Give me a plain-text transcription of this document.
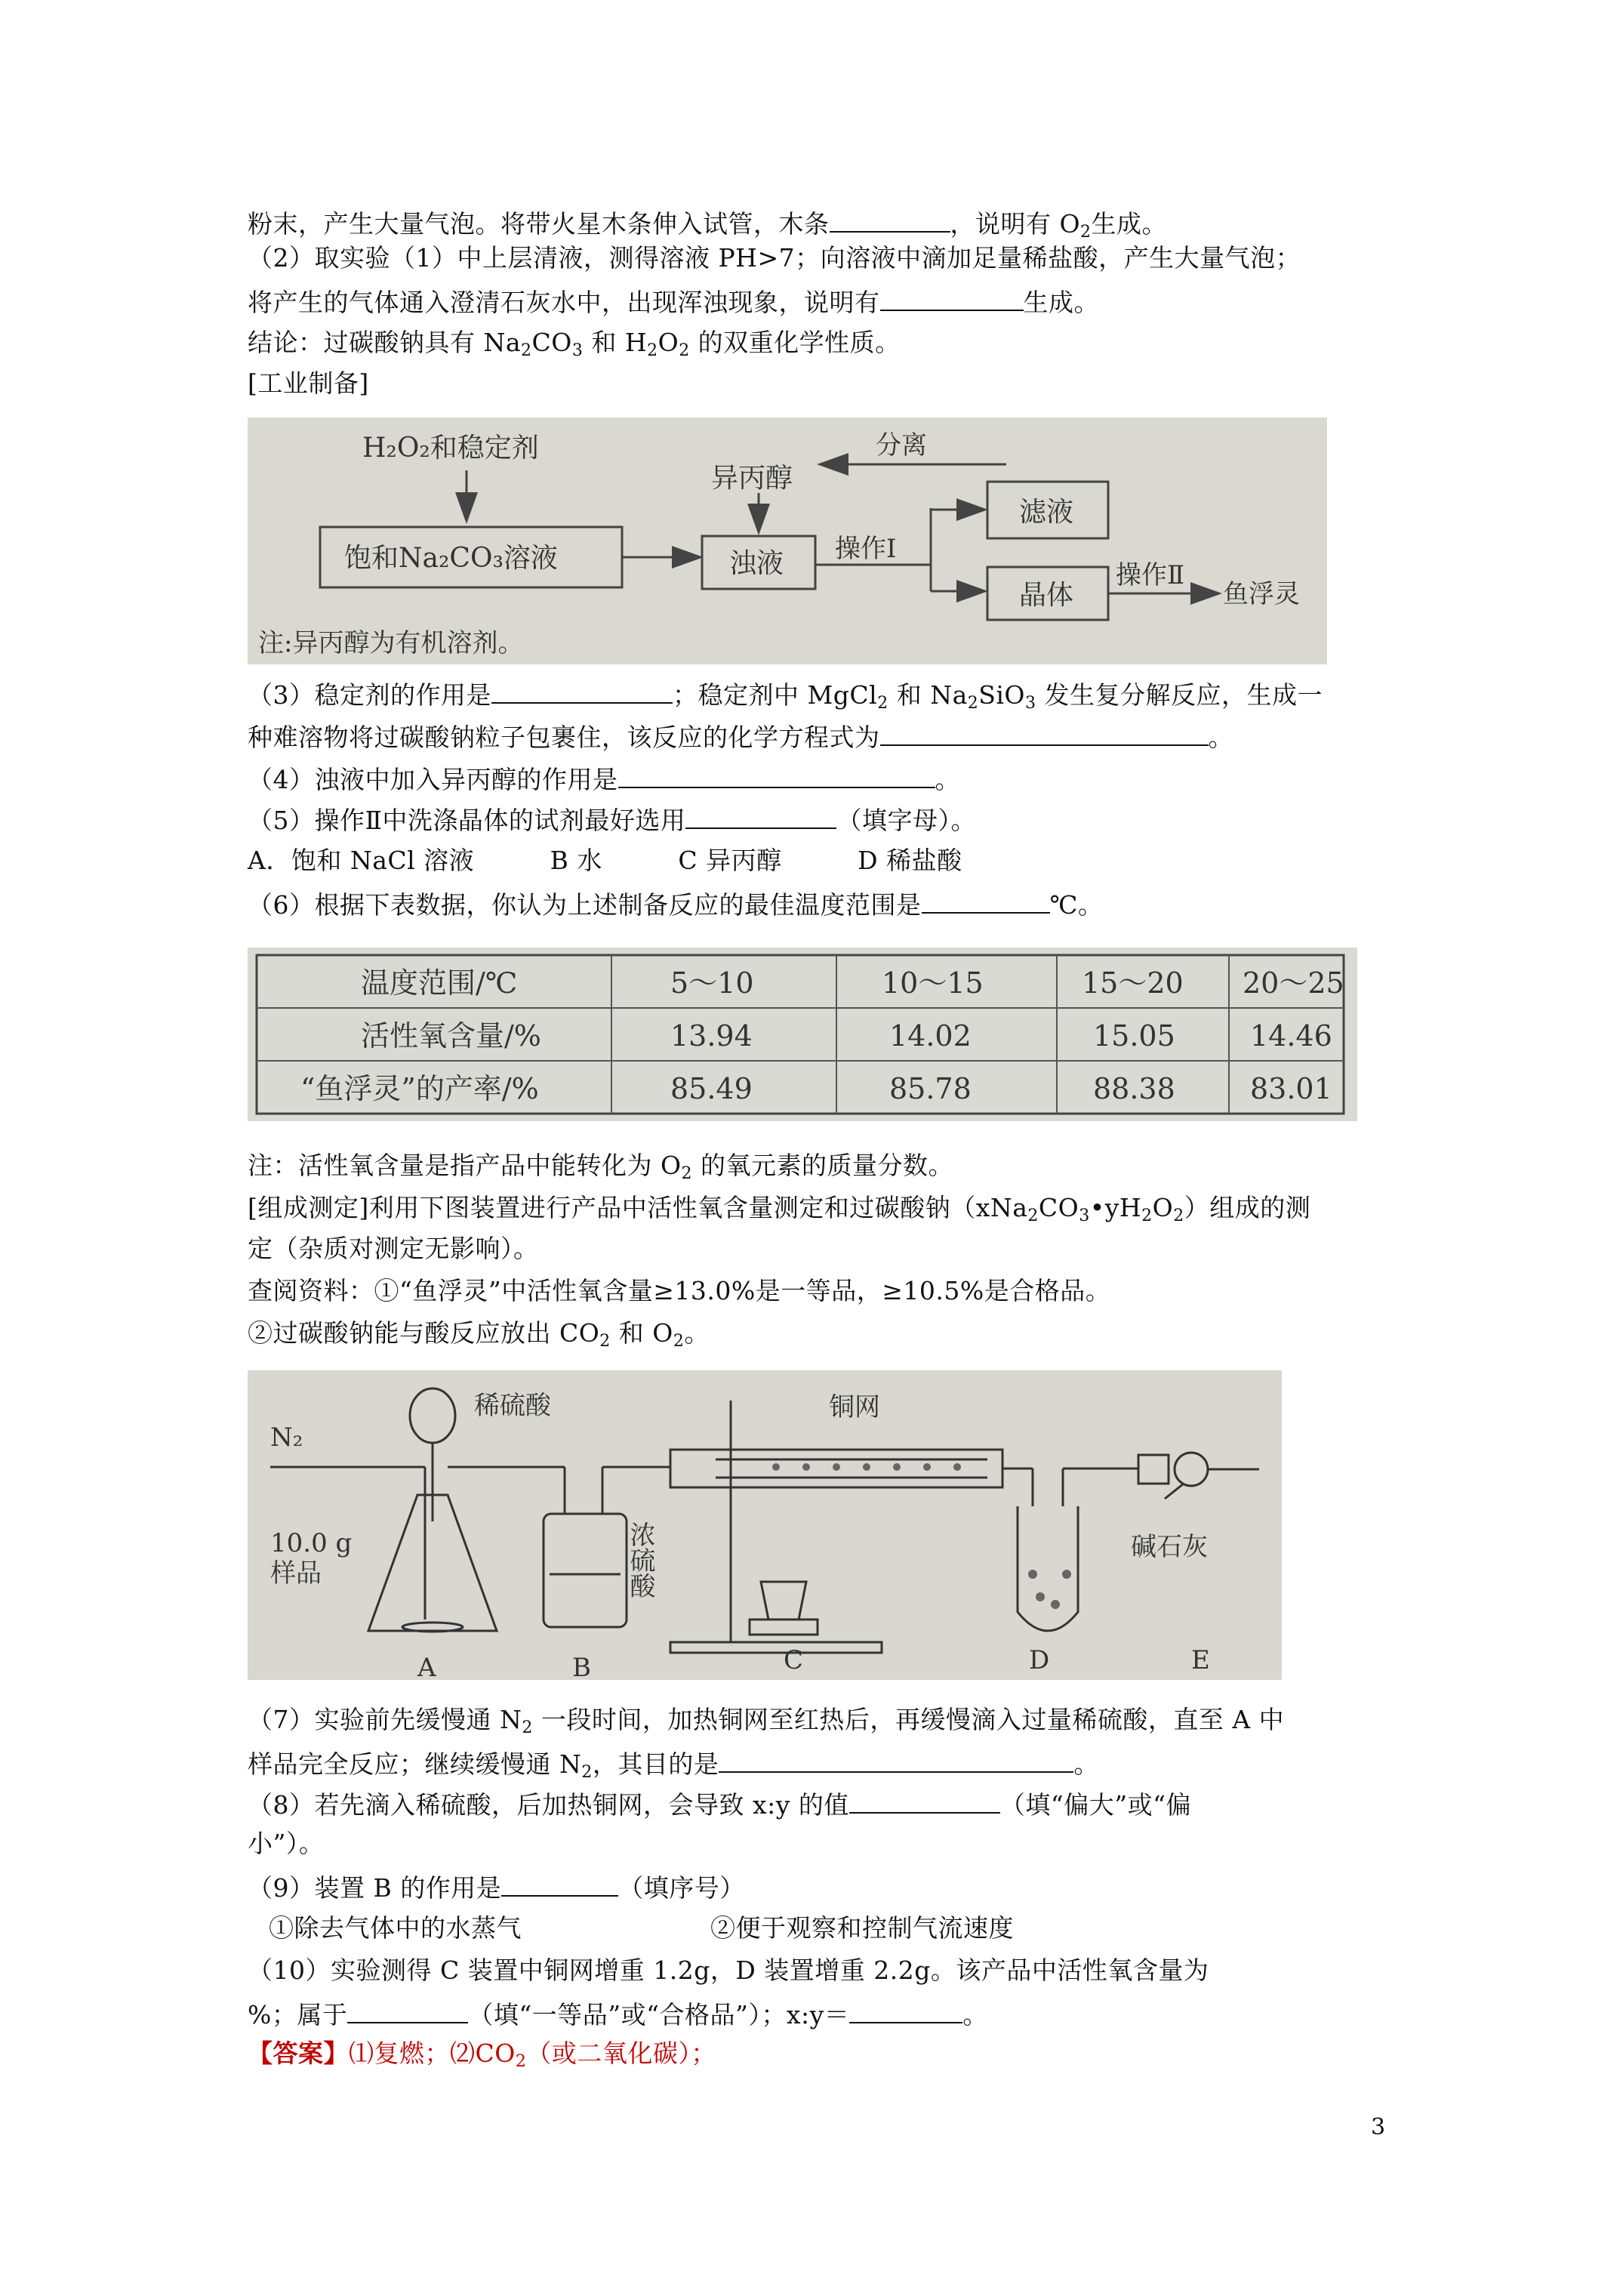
粉末，产生大量气泡。将带火星木条伸入试管，木条	，说明有 $O_2$生成。
（2）取实验（1）中上层清液，测得溶液 PH>7；向溶液中滴加足量稀盐酸，产生大量气泡；
将产生的气体通入澄清石灰水中，出现浑浊现象，说明有	生成。
结论：过碳酸钠具有 $Na_2CO_3$ 和 $H_2O_2$ 的双重化学性质。
[工业制备]
H₂O₂和稳定剂
饱和Na₂CO₃溶液	浊液
异丙醇
操作Ⅰ
滤液
分离
晶体
操作Ⅱ
鱼浮灵
注:异丙醇为有机溶剂。
（3）稳定剂的作用是	；稳定剂中 MgCl$_2$ 和 $Na_2SiO_3$ 发生复分解反应，生成一
种难溶物将过碳酸钠粒子包裹住，该反应的化学方程式为	。
（4）浊液中加入异丙醇的作用是	。
（5）操作Ⅱ中洗涤晶体的试剂最好选用	（填字母）。
A．饱和 NaCl 溶液　　　B 水　　　C 异丙醇　　　D 稀盐酸
（6）根据下表数据，你认为上述制备反应的最佳温度范围是	℃。
温度范围/℃	5～10	10～15	15～20 20～25
活性氧含量/%	13.94	14.02	15.05	14.46
“鱼浮灵”的产率/%	85.49	85.78	88.38	83.01
注：活性氧含量是指产品中能转化为 $O_2$ 的氧元素的质量分数。
[组成测定]利用下图装置进行产品中活性氧含量测定和过碳酸钠$(xNa_2CO_3•yH_2O_2)$组成的测
定（杂质对测定无影响）。
查阅资料：①“鱼浮灵”中活性氧含量≥13.0%是一等品，≥10.5%是合格品。
②过碳酸钠能与酸反应放出 $CO_2$ 和 $O_2$。
N₂
稀硫酸	铜网
10.0 g
样品
碱石灰
A	B	C	D	E
浓硫酸
（7）实验前先缓慢通 $N_2$ 一段时间，加热铜网至红热后，再缓慢滴入过量稀硫酸，直至 A 中
样品完全反应；继续缓慢通 $N_2$，其目的是	。
（8）若先滴入稀硫酸，后加热铜网，会导致 x:y 的值	（填“偏大”或“偏
小”）。
（9）装置 B 的作用是	（填序号）
①除去气体中的水蒸气	②便于观察和控制气流速度
（10）实验测得 C 装置中铜网增重 1.2g，D 装置增重 2.2g。该产品中活性氧含量为
%；属于	（填“一等品”或“合格品”）；x:y＝	。
【答案】⑴复燃；$⑵CO_2$（或二氧化碳）；
3
